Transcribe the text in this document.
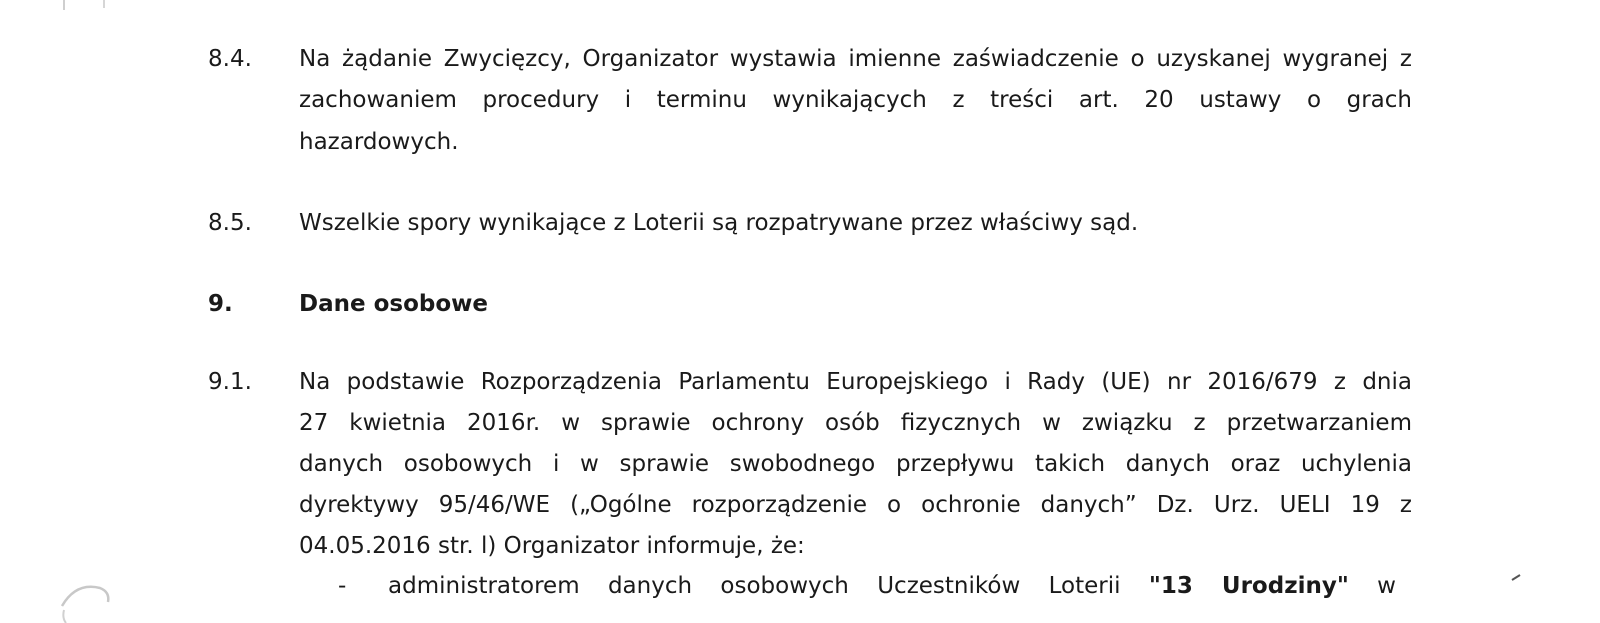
8.4. Na żądanie Zwycięzcy, Organizator wystawia imienne zaświadczenie o uzyskanej wygranej z
zachowaniem procedury i terminu wynikających z treści art. 20 ustawy o grach
hazardowych.
8.5. Wszelkie spory wynikające z Loterii są rozpatrywane przez właściwy sąd.
9.	Dane osobowe
9.1. Na podstawie Rozporządzenia Parlamentu Europejskiego i Rady (UE) nr 2016/679 z dnia
27 kwietnia 2016r. w sprawie ochrony osób fizycznych w związku z przetwarzaniem
danych osobowych i w sprawie swobodnego przepływu takich danych oraz uchylenia
dyrektywy 95/46/WE („Ogólne rozporządzenie o ochronie danych” Dz. Urz. UELI 19 z
04.05.2016 str. l) Organizator informuje, że:
- administratorem danych osobowych Uczestników Loterii "13 Urodziny" w
